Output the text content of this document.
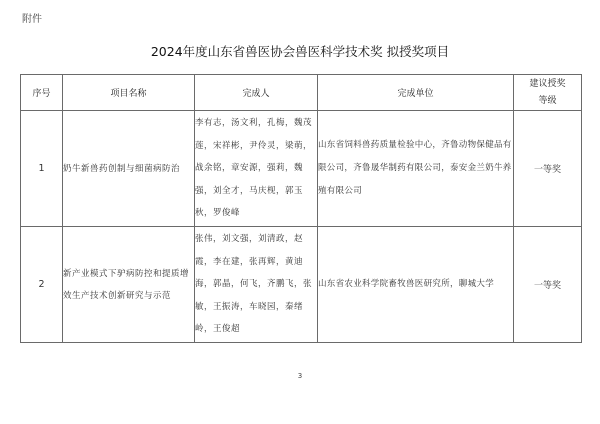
附件
2024年度山东省兽医协会兽医科学技术奖 拟授奖项目
序号	项目名称	完成人	完成单位	建议授奖
等级

1	奶牛新兽药创制与细菌病防治	李有志，汤文利，孔梅，魏茂莲，宋祥彬，尹伶灵，梁萌，战余铭，章安源，强莉，魏强，刘全才，马庆枧，郭玉秋，罗俊峰	山东省饲料兽药质量检验中心，齐鲁动物保健品有限公司，齐鲁晟华制药有限公司，泰安金兰奶牛养殖有限公司	一等奖
2	新产业模式下驴病防控和提质增效生产技术创新研究与示范	张伟，刘文强，刘清政，赵霞，李在建，张再辉，黄迪海，郭晶，何飞，齐鹏飞，张敏，王振涛，车晓园，秦绪岭，王俊超	山东省农业科学院畜牧兽医研究所，聊城大学	一等奖
3
